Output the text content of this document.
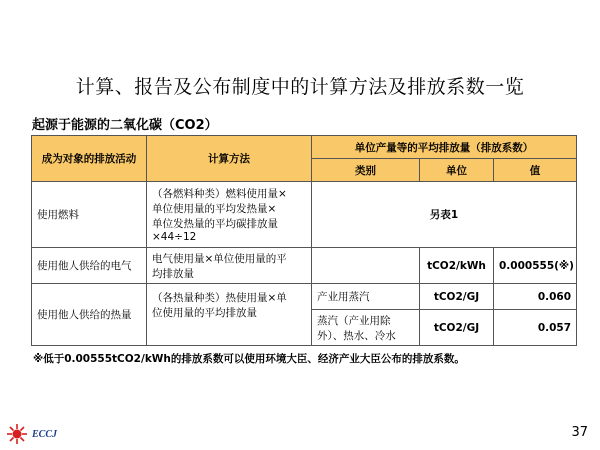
计算、报告及公布制度中的计算方法及排放系数一览
起源于能源的二氧化碳（CO2）
成为对象的排放活动	计算方法	单位产量等的平均排放量（排放系数）		
		类别	单位	值
使用燃料	（各燃料种类）燃料使用量×
单位使用量的平均发热量×
单位发热量的平均碳排放量
×44÷12	另表1		
使用他人供给的电气	电气使用量×单位使用量的平
均排放量		tCO2/kWh	0.000555(※)
使用他人供给的热量	（各热量种类）热使用量×单
位使用量的平均排放量	产业用蒸汽	tCO2/GJ	0.060

		蒸汽（产业用除
外）、热水、冷水	tCO2/GJ	0.057
※低于0.00555tCO2/kWh的排放系数可以使用环境大臣、经济产业大臣公布的排放系数。
ECCJ	37
